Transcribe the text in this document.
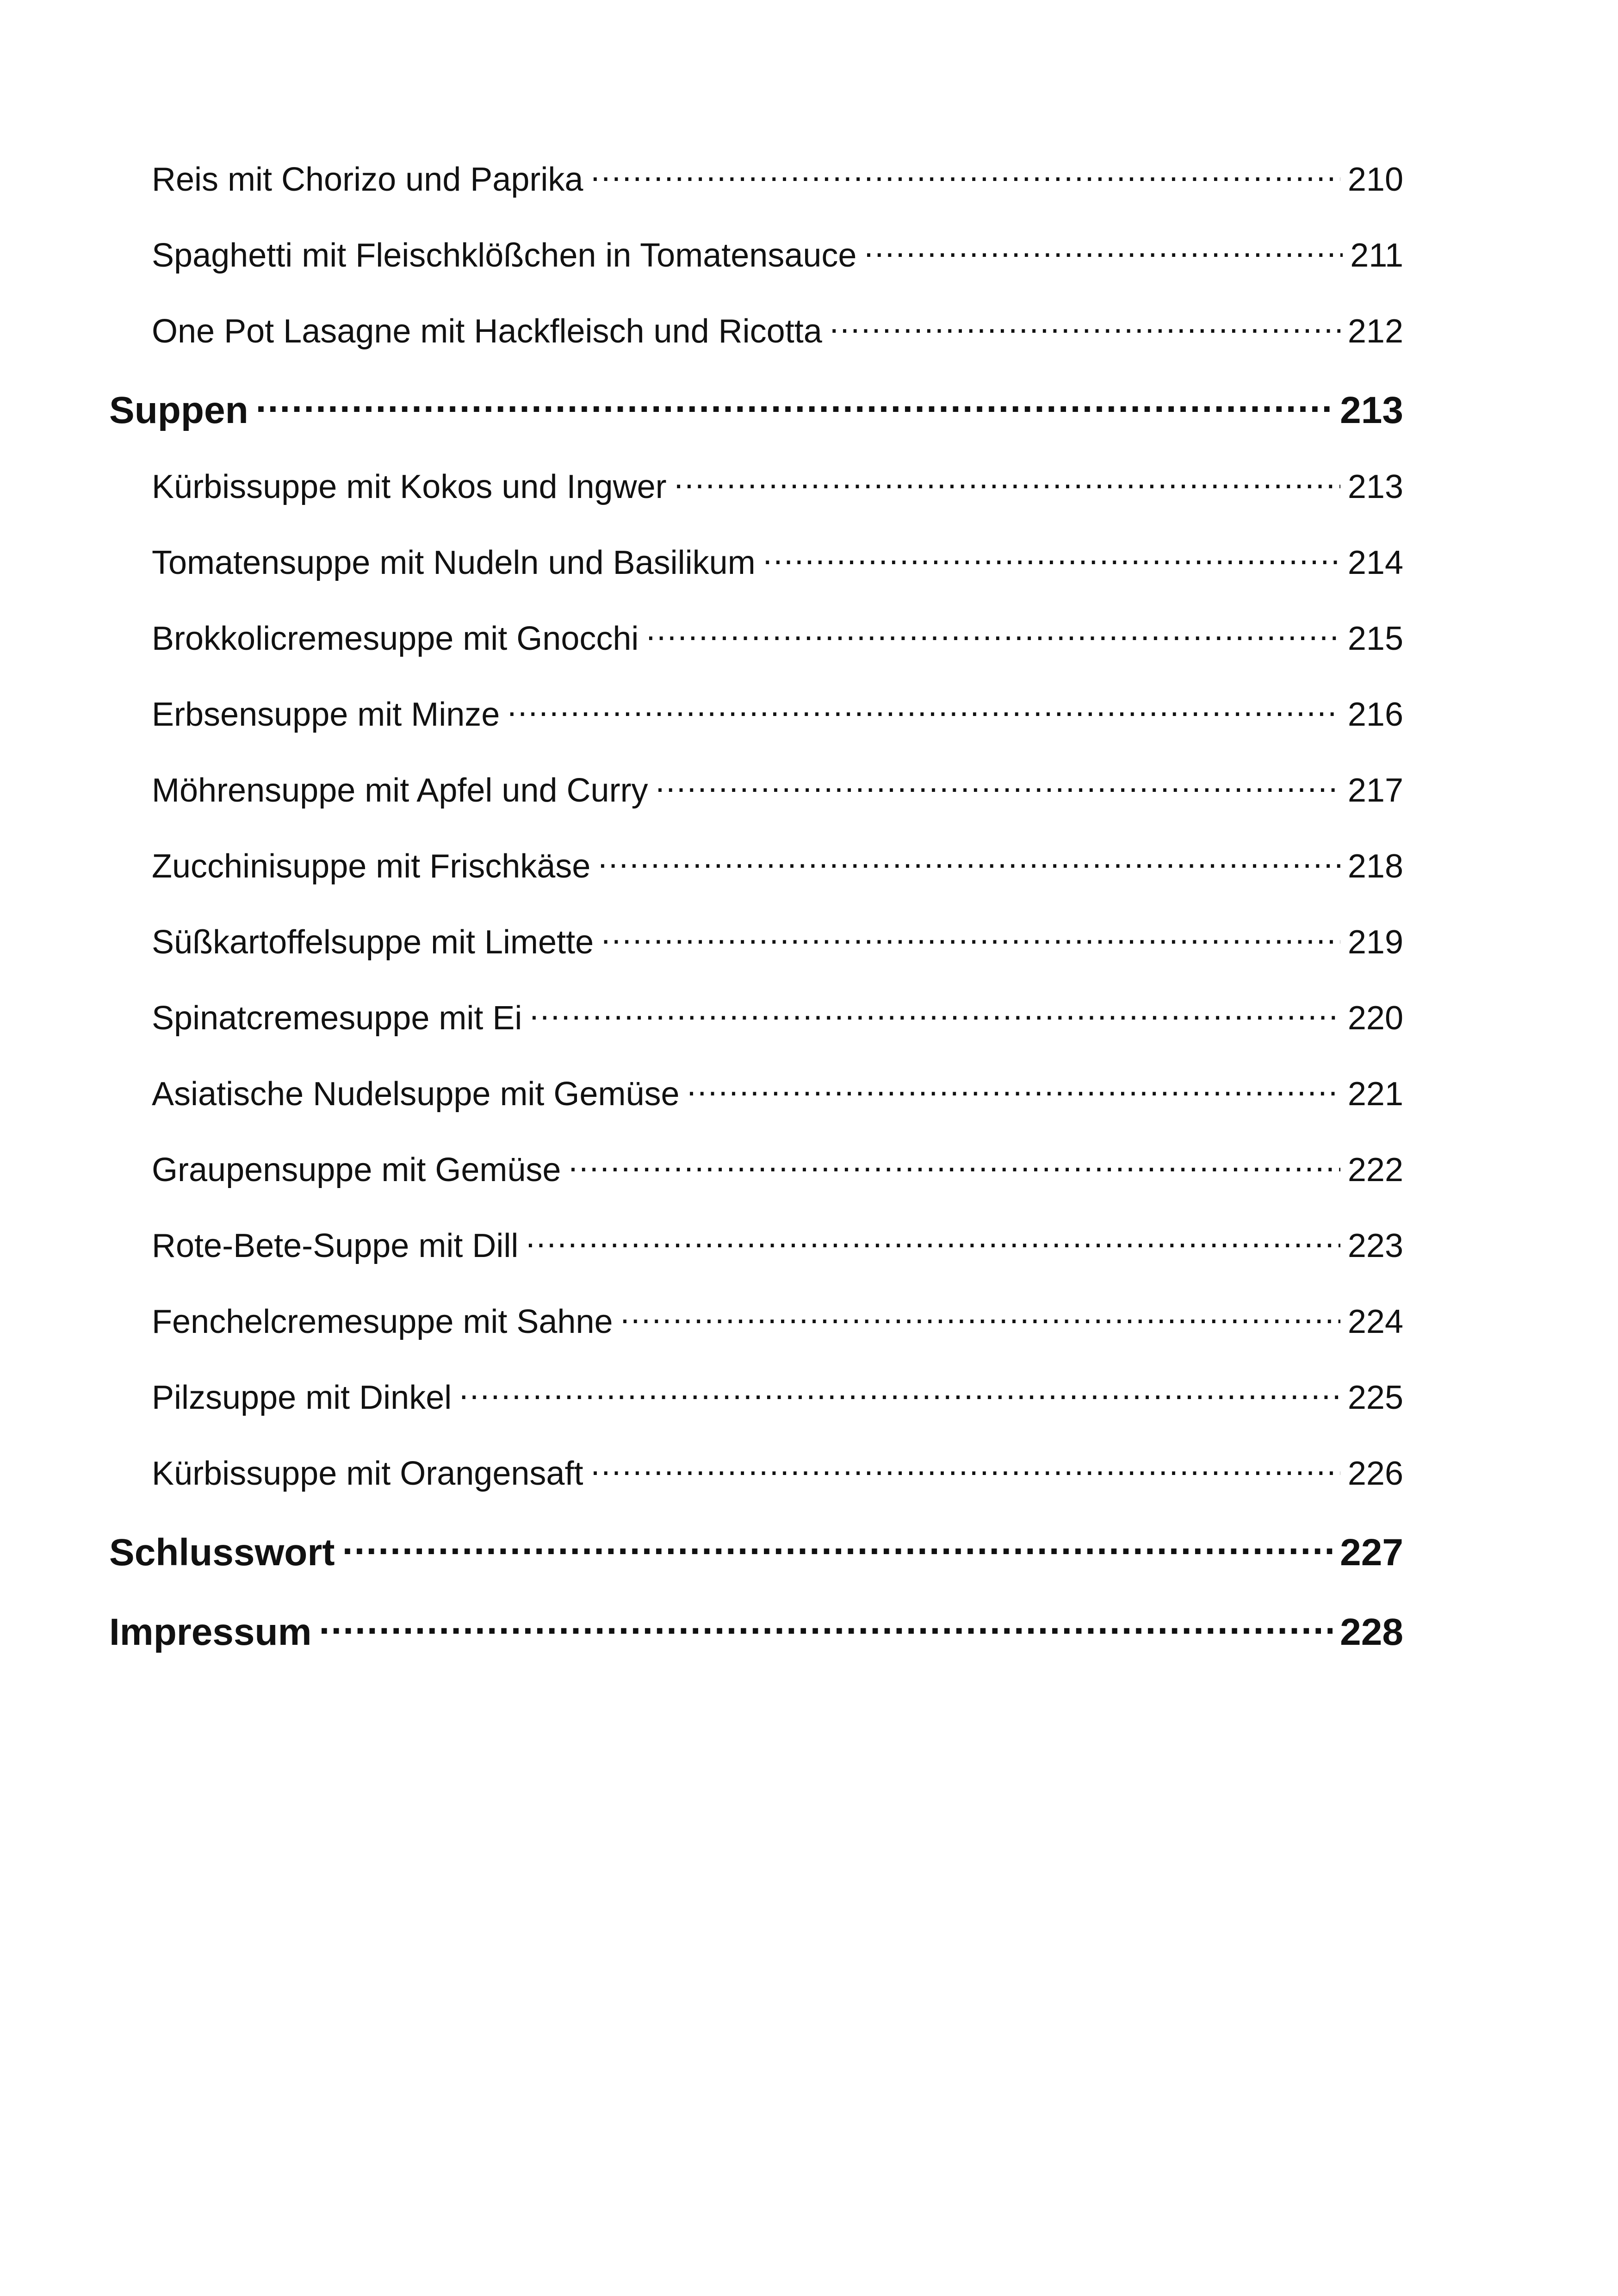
Reis mit Chorizo und Paprika . . .	210
Spaghetti mit Fleischklößchen in Tomatensauce . . .	211
One Pot Lasagne mit Hackfleisch und Ricotta . . .	212
Suppen . . .	213
Kürbissuppe mit Kokos und Ingwer . . .	213
Tomatensuppe mit Nudeln und Basilikum . . .	214
Brokkolicremesuppe mit Gnocchi . . .	215
Erbsensuppe mit Minze . . .	216
Möhrensuppe mit Apfel und Curry . . .	217
Zucchinisuppe mit Frischkäse . . .	218
Süßkartoffelsuppe mit Limette . . .	219
Spinatcremesuppe mit Ei . . .	220
Asiatische Nudelsuppe mit Gemüse . . .	221
Graupensuppe mit Gemüse . . .	222
Rote-Bete-Suppe mit Dill . . .	223
Fenchelcremesuppe mit Sahne . . .	224
Pilzsuppe mit Dinkel . . .	225
Kürbissuppe mit Orangensaft . . .	226
Schlusswort . . .	227
Impressum . . .	228
